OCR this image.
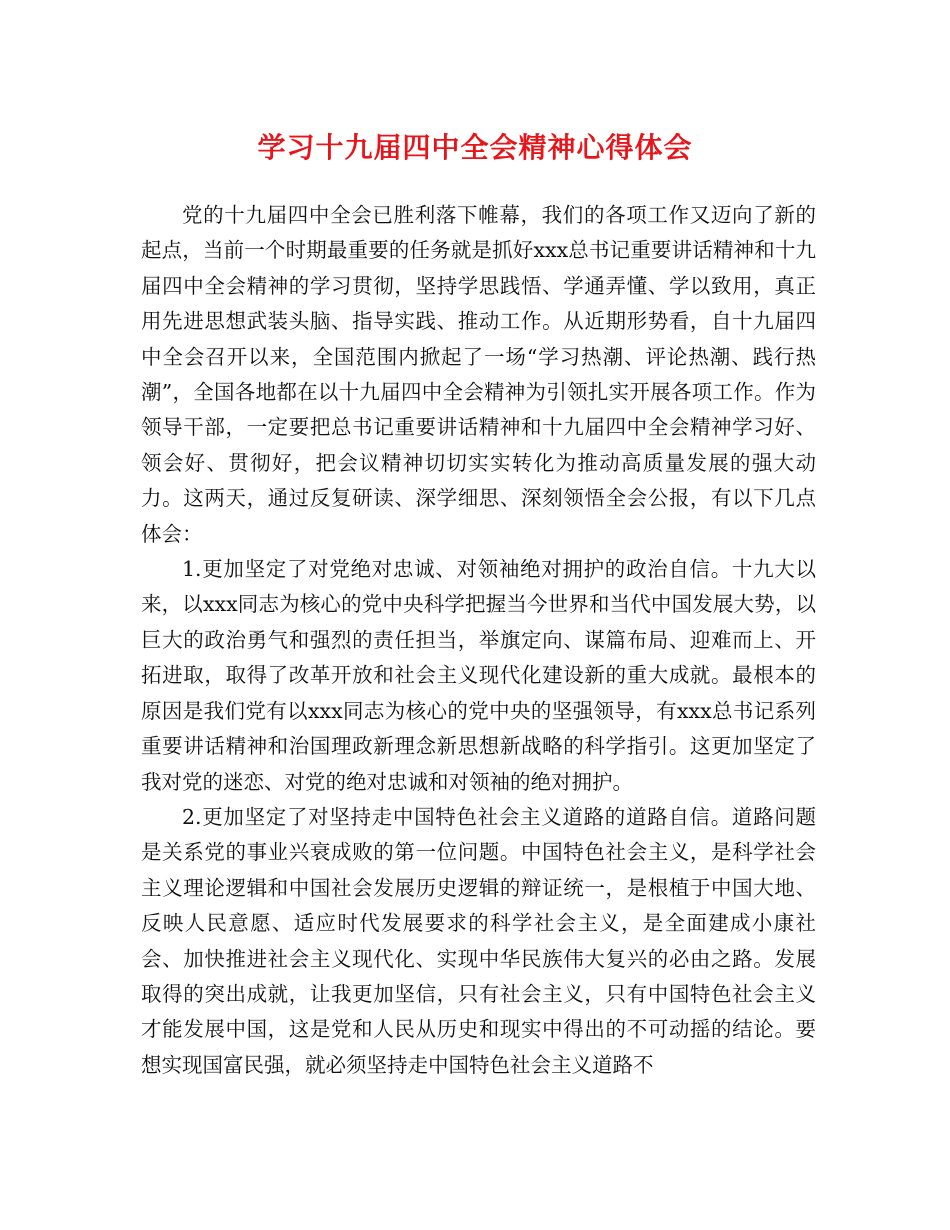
学习十九届四中全会精神心得体会

党的十九届四中全会已胜利落下帷幕，我们的各项工作又迈向了新的起点，当前一个时期最重要的任务就是抓好xxx总书记重要讲话精神和十九届四中全会精神的学习贯彻，坚持学思践悟、学通弄懂、学以致用，真正用先进思想武装头脑、指导实践、推动工作。从近期形势看，自十九届四中全会召开以来，全国范围内掀起了一场“学习热潮、评论热潮、践行热潮”，全国各地都在以十九届四中全会精神为引领扎实开展各项工作。作为领导干部，一定要把总书记重要讲话精神和十九届四中全会精神学习好、领会好、贯彻好，把会议精神切切实实转化为推动高质量发展的强大动力。这两天，通过反复研读、深学细思、深刻领悟全会公报，有以下几点体会：

1.更加坚定了对党绝对忠诚、对领袖绝对拥护的政治自信。十九大以来，以xxx同志为核心的党中央科学把握当今世界和当代中国发展大势，以巨大的政治勇气和强烈的责任担当，举旗定向、谋篇布局、迎难而上、开拓进取，取得了改革开放和社会主义现代化建设新的重大成就。最根本的原因是我们党有以xxx同志为核心的党中央的坚强领导，有xxx总书记系列重要讲话精神和治国理政新理念新思想新战略的科学指引。这更加坚定了我对党的迷恋、对党的绝对忠诚和对领袖的绝对拥护。

2.更加坚定了对坚持走中国特色社会主义道路的道路自信。道路问题是关系党的事业兴衰成败的第一位问题。中国特色社会主义，是科学社会主义理论逻辑和中国社会发展历史逻辑的辩证统一，是根植于中国大地、反映人民意愿、适应时代发展要求的科学社会主义，是全面建成小康社会、加快推进社会主义现代化、实现中华民族伟大复兴的必由之路。发展取得的突出成就，让我更加坚信，只有社会主义，只有中国特色社会主义才能发展中国，这是党和人民从历史和现实中得出的不可动摇的结论。要想实现国富民强，就必须坚持走中国特色社会主义道路不
